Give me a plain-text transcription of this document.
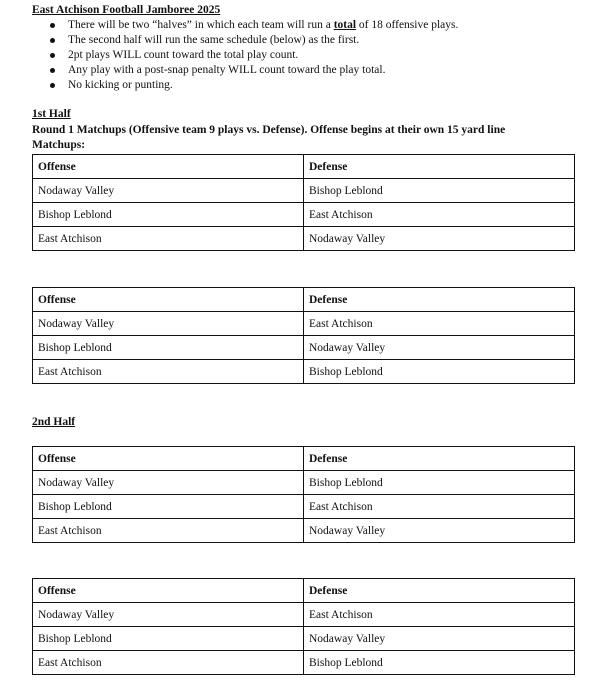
East Atchison Football Jamboree 2025
There will be two “halves” in which each team will run a total of 18 offensive plays.
The second half will run the same schedule (below) as the first.
2pt plays WILL count toward the total play count.
Any play with a post-snap penalty WILL count toward the play total.
No kicking or punting.
1st Half
Round 1 Matchups (Offensive team 9 plays vs. Defense). Offense begins at their own 15 yard line
Matchups:
Offense	Defense
Nodaway Valley	Bishop Leblond
Bishop Leblond	East Atchison
East Atchison	Nodaway Valley
Offense	Defense
Nodaway Valley	East Atchison
Bishop Leblond	Nodaway Valley
East Atchison	Bishop Leblond
2nd Half
Offense	Defense
Nodaway Valley	Bishop Leblond
Bishop Leblond	East Atchison
East Atchison	Nodaway Valley
Offense	Defense
Nodaway Valley	East Atchison
Bishop Leblond	Nodaway Valley
East Atchison	Bishop Leblond
